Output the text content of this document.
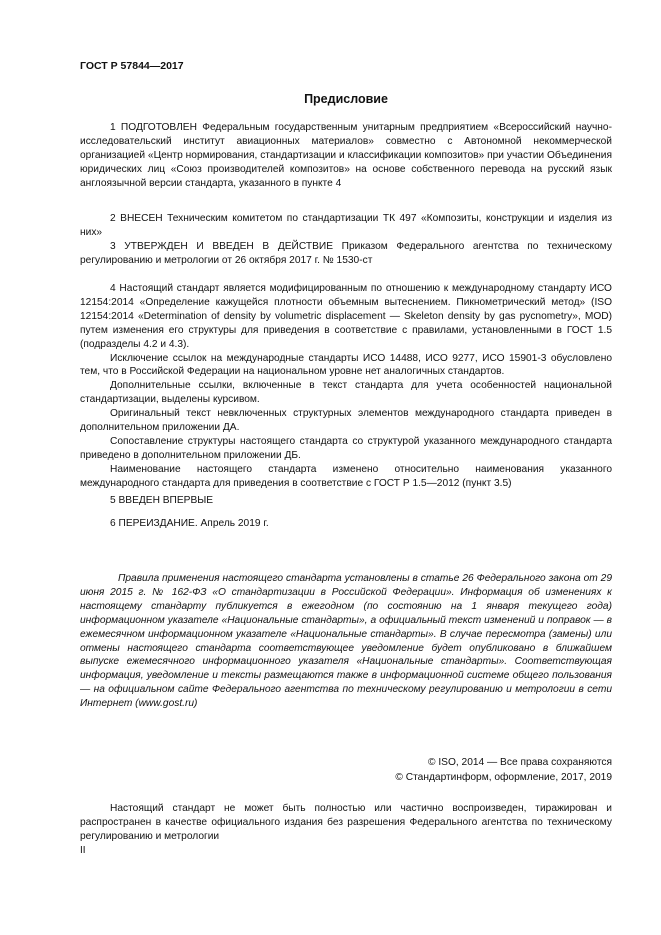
ГОСТ Р 57844—2017
Предисловие

1 ПОДГОТОВЛЕН Федеральным государственным унитарным предприятием «Всероссийский научно-исследовательский институт авиационных материалов» совместно с Автономной некоммерческой организацией «Центр нормирования, стандартизации и классификации композитов» при участии Объединения юридических лиц «Союз производителей композитов» на основе собственного перевода на русский язык англоязычной версии стандарта, указанного в пункте 4

2 ВНЕСЕН Техническим комитетом по стандартизации ТК 497 «Композиты, конструкции и изделия из них»

3 УТВЕРЖДЕН И ВВЕДЕН В ДЕЙСТВИЕ Приказом Федерального агентства по техническому регулированию и метрологии от 26 октября 2017 г. № 1530-ст

4 Настоящий стандарт является модифицированным по отношению к международному стандарту ИСО 12154:2014 «Определение кажущейся плотности объемным вытеснением. Пикнометрический метод» (ISO 12154:2014 «Determination of density by volumetric displacement — Skeleton density by gas pycnometry», MOD) путем изменения его структуры для приведения в соответствие с правилами, установленными в ГОСТ 1.5 (подразделы 4.2 и 4.3).

Исключение ссылок на международные стандарты ИСО 14488, ИСО 9277, ИСО 15901-3 обусловлено тем, что в Российской Федерации на национальном уровне нет аналогичных стандартов.

Дополнительные ссылки, включенные в текст стандарта для учета особенностей национальной стандартизации, выделены курсивом.

Оригинальный текст невключенных структурных элементов международного стандарта приведен в дополнительном приложении ДА.

Сопоставление структуры настоящего стандарта со структурой указанного международного стандарта приведено в дополнительном приложении ДБ.

Наименование настоящего стандарта изменено относительно наименования указанного международного стандарта для приведения в соответствие с ГОСТ Р 1.5—2012 (пункт 3.5)

5 ВВЕДЕН ВПЕРВЫЕ

6 ПЕРЕИЗДАНИЕ. Апрель 2019 г.

Правила применения настоящего стандарта установлены в статье 26 Федерального закона от 29 июня 2015 г. № 162-ФЗ «О стандартизации в Российской Федерации». Информация об изменениях к настоящему стандарту публикуется в ежегодном (по состоянию на 1 января текущего года) информационном указателе «Национальные стандарты», а официальный текст изменений и поправок — в ежемесячном информационном указателе «Национальные стандарты». В случае пересмотра (замены) или отмены настоящего стандарта соответствующее уведомление будет опубликовано в ближайшем выпуске ежемесячного информационного указателя «Национальные стандарты». Соответствующая информация, уведомление и тексты размещаются также в информационной системе общего пользования — на официальном сайте Федерального агентства по техническому регулированию и метрологии в сети Интернет (www.gost.ru)
© ISO, 2014 — Все права сохраняются
© Стандартинформ, оформление, 2017, 2019
Настоящий стандарт не может быть полностью или частично воспроизведен, тиражирован и распространен в качестве официального издания без разрешения Федерального агентства по техническому регулированию и метрологии
II
